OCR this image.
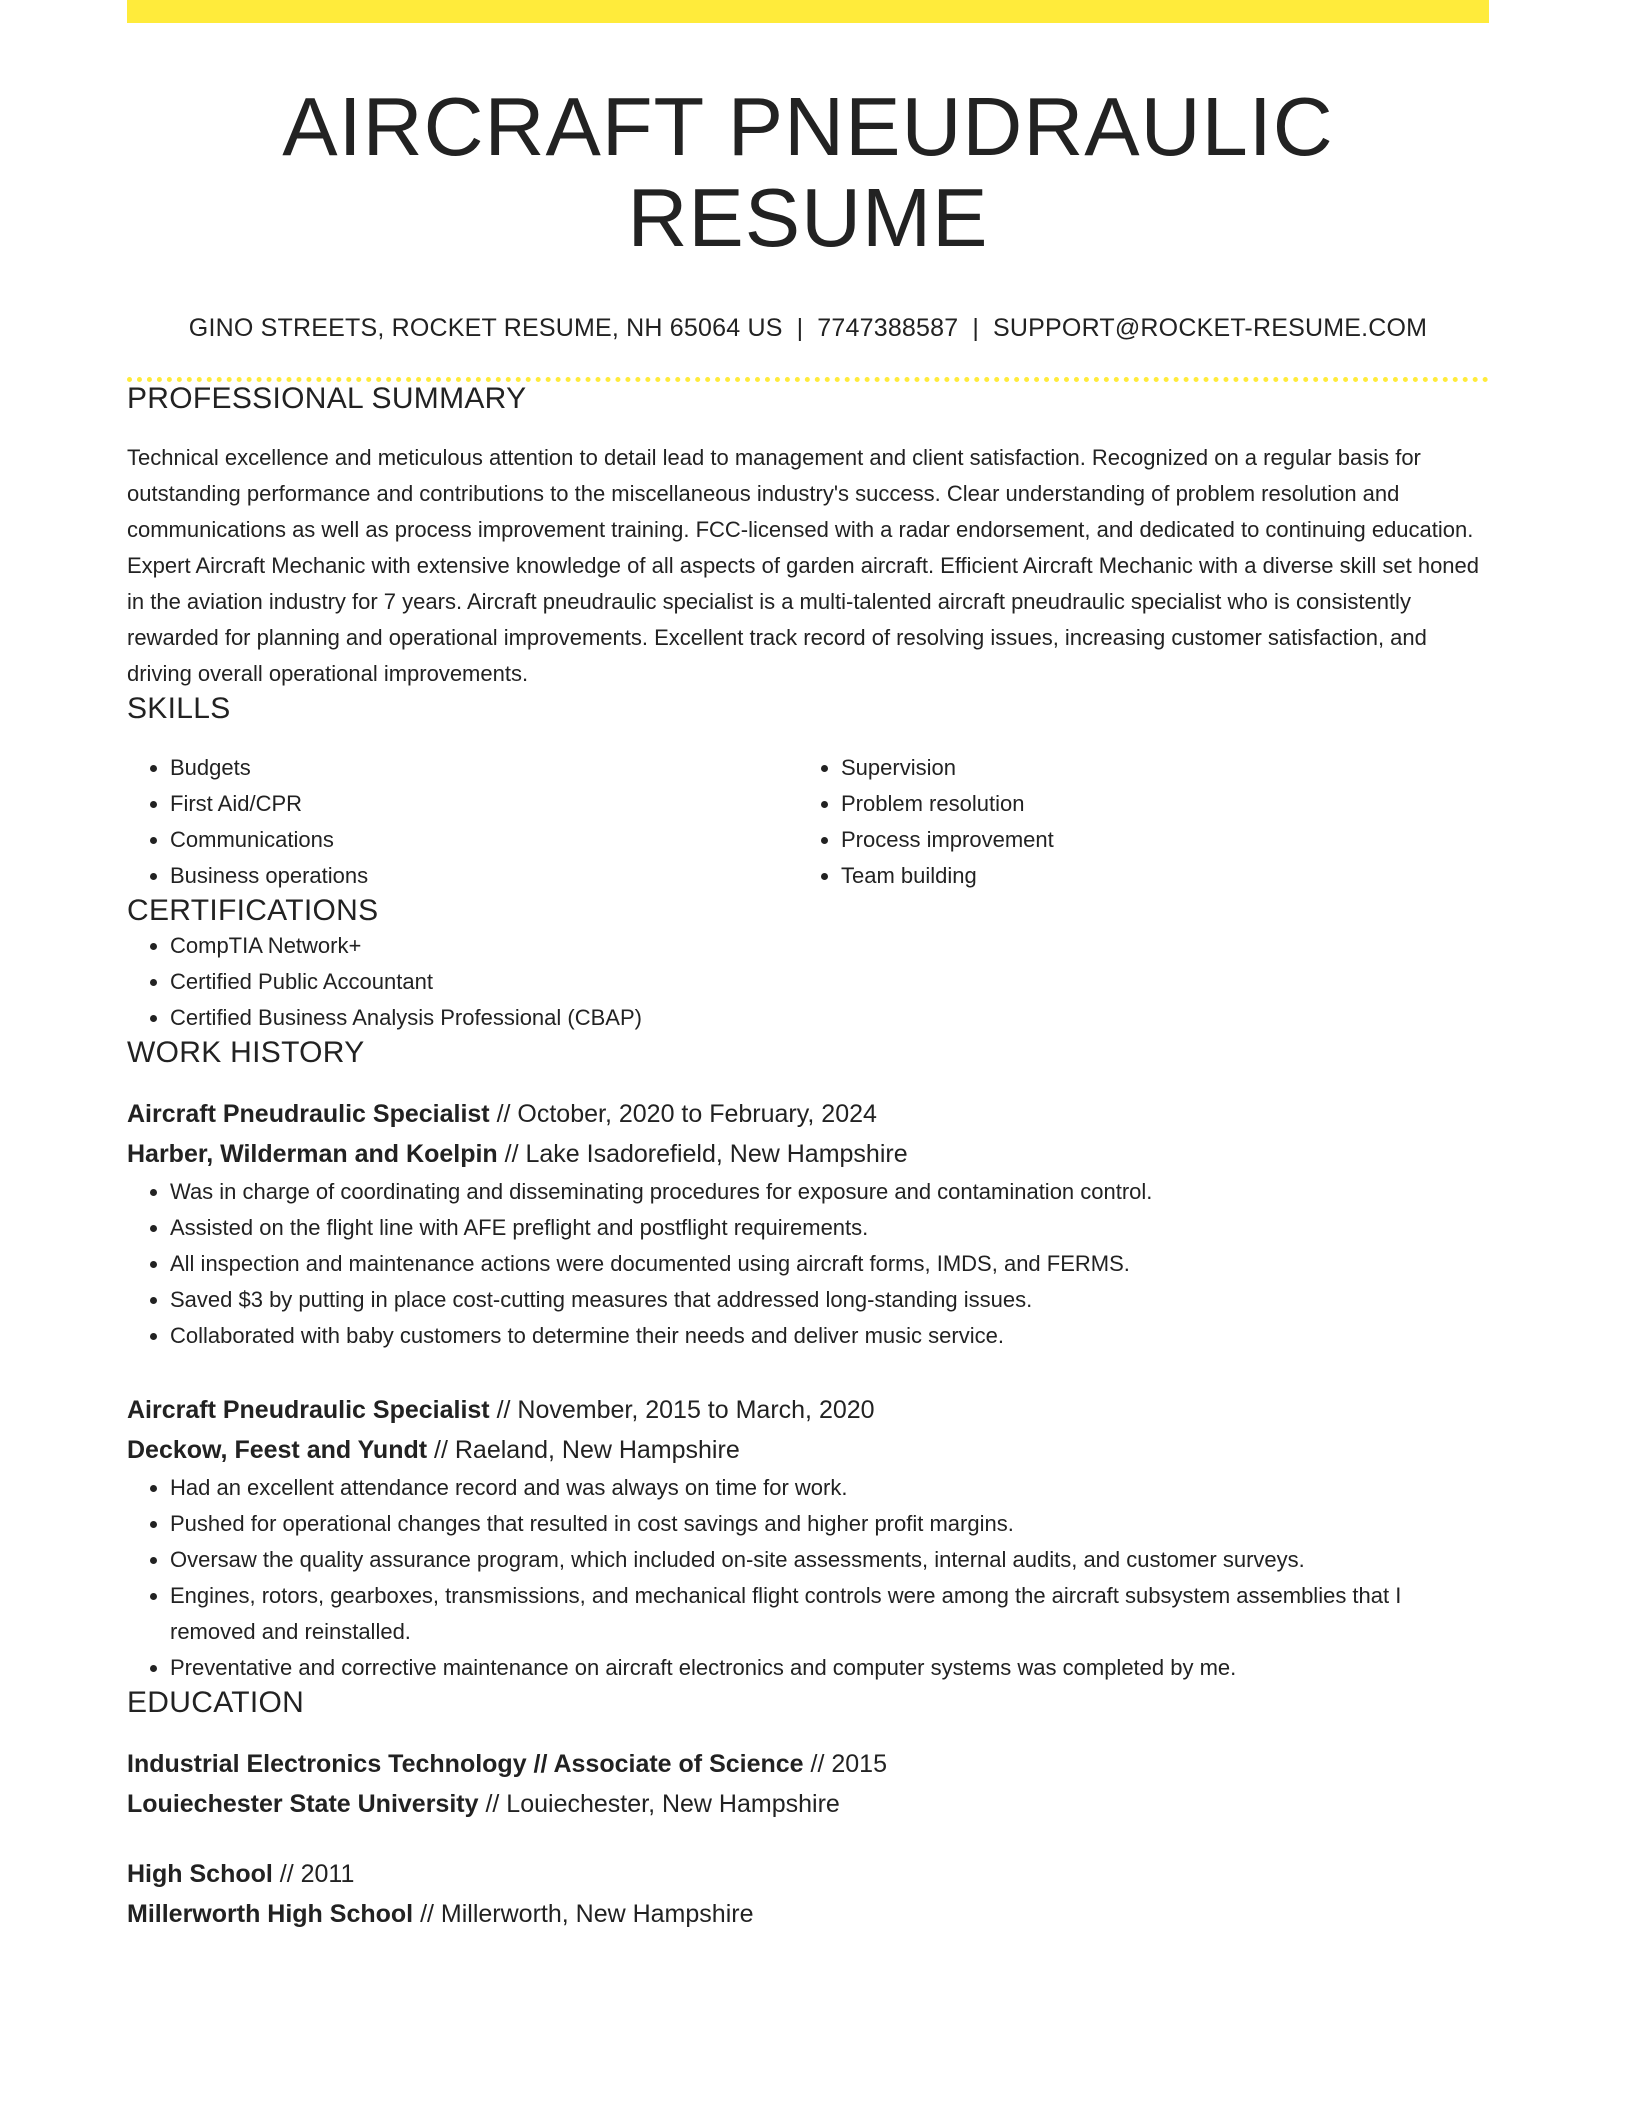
AIRCRAFT PNEUDRAULIC RESUME
GINO STREETS, ROCKET RESUME, NH 65064 US | 7747388587 | SUPPORT@ROCKET-RESUME.COM
PROFESSIONAL SUMMARY

Technical excellence and meticulous attention to detail lead to management and client satisfaction. Recognized on a regular basis for outstanding performance and contributions to the miscellaneous industry's success. Clear understanding of problem resolution and communications as well as process improvement training. FCC-licensed with a radar endorsement, and dedicated to continuing education. Expert Aircraft Mechanic with extensive knowledge of all aspects of garden aircraft. Efficient Aircraft Mechanic with a diverse skill set honed in the aviation industry for 7 years. Aircraft pneudraulic specialist is a multi-talented aircraft pneudraulic specialist who is consistently rewarded for planning and operational improvements. Excellent track record of resolving issues, increasing customer satisfaction, and driving overall operational improvements.

SKILLS
• Budgets
• First Aid/CPR
• Communications
• Business operations
• Supervision
• Problem resolution
• Process improvement
• Team building
CERTIFICATIONS
• CompTIA Network+
• Certified Public Accountant
• Certified Business Analysis Professional (CBAP)
WORK HISTORY
Aircraft Pneudraulic Specialist // October, 2020 to February, 2024
Harber, Wilderman and Koelpin // Lake Isadorefield, New Hampshire
• Was in charge of coordinating and disseminating procedures for exposure and contamination control.
• Assisted on the flight line with AFE preflight and postflight requirements.
• All inspection and maintenance actions were documented using aircraft forms, IMDS, and FERMS.
• Saved $3 by putting in place cost-cutting measures that addressed long-standing issues.
• Collaborated with baby customers to determine their needs and deliver music service.
Aircraft Pneudraulic Specialist // November, 2015 to March, 2020
Deckow, Feest and Yundt // Raeland, New Hampshire
• Had an excellent attendance record and was always on time for work.
• Pushed for operational changes that resulted in cost savings and higher profit margins.
• Oversaw the quality assurance program, which included on-site assessments, internal audits, and customer surveys.
• Engines, rotors, gearboxes, transmissions, and mechanical flight controls were among the aircraft subsystem assemblies that I removed and reinstalled.
• Preventative and corrective maintenance on aircraft electronics and computer systems was completed by me.
EDUCATION
Industrial Electronics Technology // Associate of Science // 2015
Louiechester State University // Louiechester, New Hampshire
High School // 2011
Millerworth High School // Millerworth, New Hampshire
